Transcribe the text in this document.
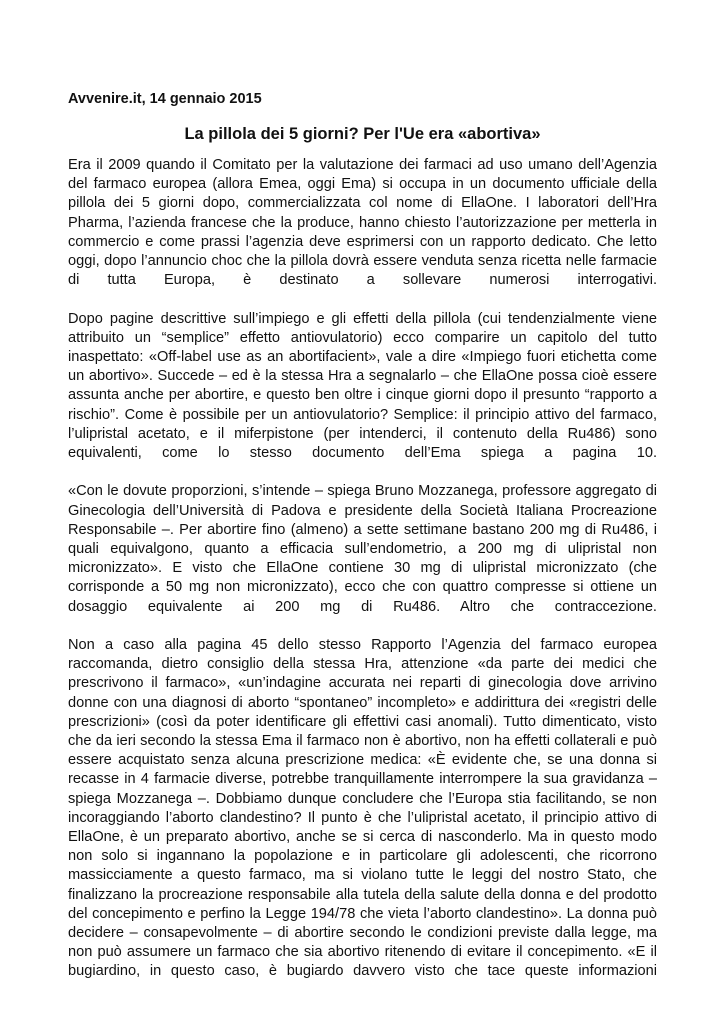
Avvenire.it, 14 gennaio 2015
La pillola dei 5 giorni? Per l'Ue era «abortiva»

Era il 2009 quando il Comitato per la valutazione dei farmaci ad uso umano dell’Agenzia del farmaco europea (allora Emea, oggi Ema) si occupa in un documento ufficiale della pillola dei 5 giorni dopo, commercializzata col nome di EllaOne. I laboratori dell’Hra Pharma, l’azienda francese che la produce, hanno chiesto l’autorizzazione per metterla in commercio e come prassi l’agenzia deve esprimersi con un rapporto dedicato. Che letto oggi, dopo l’annuncio choc che la pillola dovrà essere venduta senza ricetta nelle farmacie di tutta Europa, è destinato a sollevare numerosi interrogativi.

Dopo pagine descrittive sull’impiego e gli effetti della pillola (cui tendenzialmente viene attribuito un “semplice” effetto antiovulatorio) ecco comparire un capitolo del tutto inaspettato: «Off-label use as an abortifacient», vale a dire «Impiego fuori etichetta come un abortivo». Succede – ed è la stessa Hra a segnalarlo – che EllaOne possa cioè essere assunta anche per abortire, e questo ben oltre i cinque giorni dopo il presunto “rapporto a rischio”. Come è possibile per un antiovulatorio? Semplice: il principio attivo del farmaco, l’ulipristal acetato, e il miferpistone (per intenderci, il contenuto della Ru486) sono equivalenti, come lo stesso documento dell’Ema spiega a pagina 10.

«Con le dovute proporzioni, s’intende – spiega Bruno Mozzanega, professore aggregato di Ginecologia dell’Università di Padova e presidente della Società Italiana Procreazione Responsabile –. Per abortire fino (almeno) a sette settimane bastano 200 mg di Ru486, i quali equivalgono, quanto a efficacia sull’endometrio, a 200 mg di ulipristal non micronizzato». E visto che EllaOne contiene 30 mg di ulipristal micronizzato (che corrisponde a 50 mg non micronizzato), ecco che con quattro compresse si ottiene un dosaggio equivalente ai 200 mg di Ru486. Altro che contraccezione.

Non a caso alla pagina 45 dello stesso Rapporto l’Agenzia del farmaco europea raccomanda, dietro consiglio della stessa Hra, attenzione «da parte dei medici che prescrivono il farmaco», «un’indagine accurata nei reparti di ginecologia dove arrivino donne con una diagnosi di aborto “spontaneo” incompleto» e addirittura dei «registri delle prescrizioni» (così da poter identificare gli effettivi casi anomali). Tutto dimenticato, visto che da ieri secondo la stessa Ema il farmaco non è abortivo, non ha effetti collaterali e può essere acquistato senza alcuna prescrizione medica: «È evidente che, se una donna si recasse in 4 farmacie diverse, potrebbe tranquillamente interrompere la sua gravidanza – spiega Mozzanega –. Dobbiamo dunque concludere che l’Europa stia facilitando, se non incoraggiando l’aborto clandestino? Il punto è che l’ulipristal acetato, il principio attivo di EllaOne, è un preparato abortivo, anche se si cerca di nasconderlo. Ma in questo modo non solo si ingannano la popolazione e in particolare gli adolescenti, che ricorrono massicciamente a questo farmaco, ma si violano tutte le leggi del nostro Stato, che finalizzano la procreazione responsabile alla tutela della salute della donna e del prodotto del concepimento e perfino la Legge 194/78 che vieta l’aborto clandestino». La donna può decidere – consapevolmente – di abortire secondo le condizioni previste dalla legge, ma non può assumere un farmaco che sia abortivo ritenendo di evitare il concepimento. «E il bugiardino, in questo caso, è bugiardo davvero visto che tace queste informazioni
